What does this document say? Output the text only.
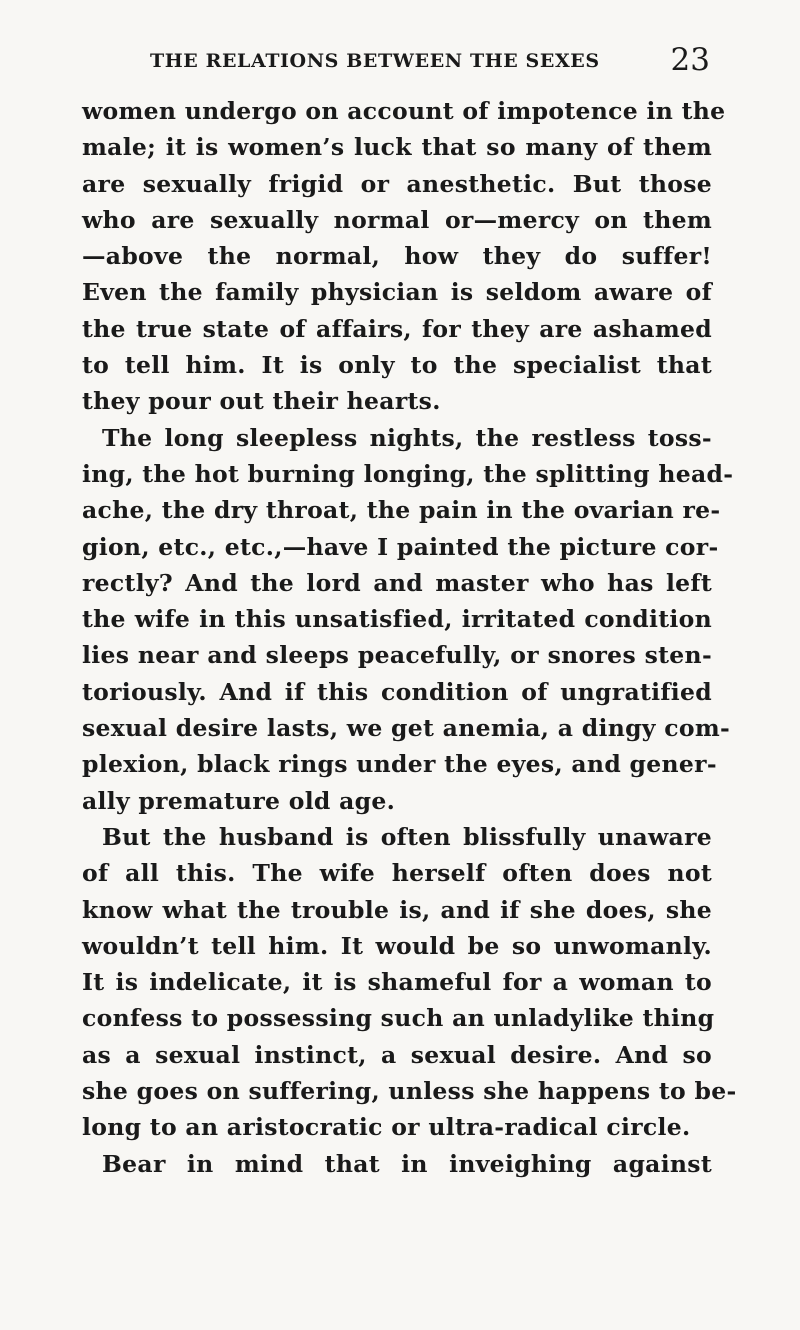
THE RELATIONS BETWEEN THE SEXES 23
women undergo on account of impotence in the
male; it is women’s luck that so many of them
are sexually frigid or anesthetic. But those
who are sexually normal or—mercy on them
—above the normal, how they do suffer!
Even the family physician is seldom aware of
the true state of affairs, for they are ashamed
to tell him. It is only to the specialist that
they pour out their hearts.
The long sleepless nights, the restless toss-
ing, the hot burning longing, the splitting head-
ache, the dry throat, the pain in the ovarian re-
gion, etc., etc.,—have I painted the picture cor-
rectly? And the lord and master who has left
the wife in this unsatisfied, irritated condition
lies near and sleeps peacefully, or snores sten-
toriously. And if this condition of ungratified
sexual desire lasts, we get anemia, a dingy com-
plexion, black rings under the eyes, and gener-
ally premature old age.
But the husband is often blissfully unaware
of all this. The wife herself often does not
know what the trouble is, and if she does, she
wouldn’t tell him. It would be so unwomanly.
It is indelicate, it is shameful for a woman to
confess to possessing such an unladylike thing
as a sexual instinct, a sexual desire. And so
she goes on suffering, unless she happens to be-
long to an aristocratic or ultra-radical circle.
Bear in mind that in inveighing against
